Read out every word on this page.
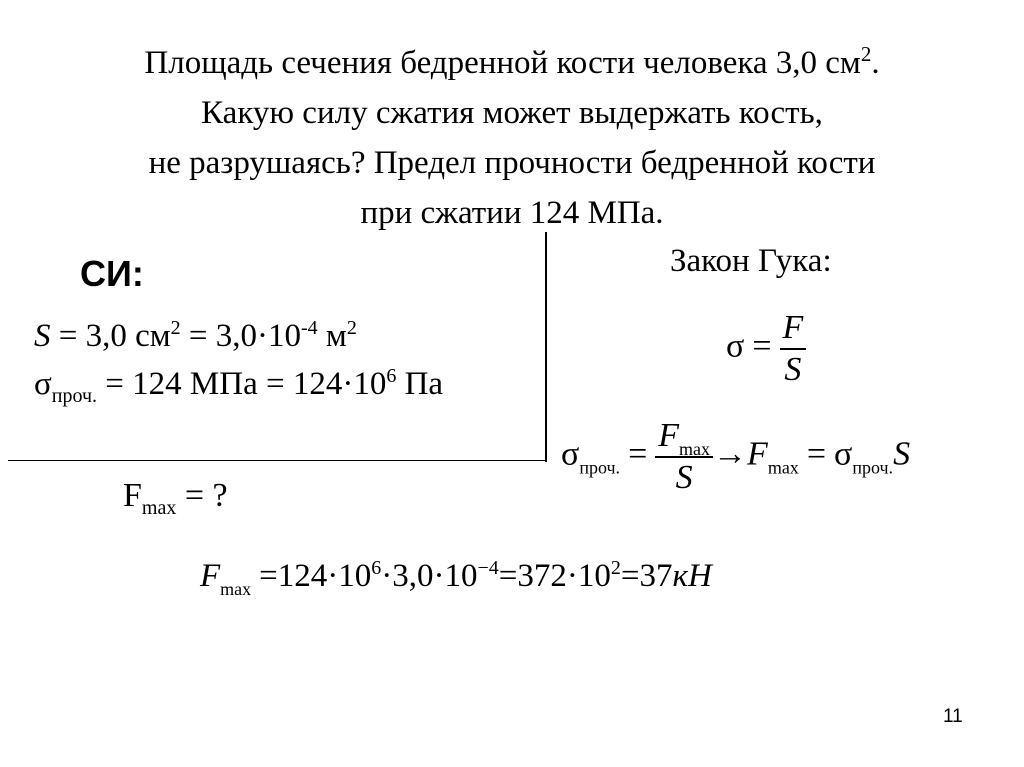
Площадь сечения бедренной кости человека 3,0 $см^2$.
Какую силу сжатия может выдержать кость,
не разрушаясь? Предел прочности бедренной кости
при сжатии 124 МПа.
СИ:
S = 3,0 $см^2 = 3,0\cdot 10^{-4}$ $м^2$
$\sigma_{проч.} = 124$ МПа = $124\cdot 10^6$ Па
Закон Гука:
$\sigma = \frac{F}{S}$
$\sigma_{проч.} = \frac{F_{max}}{S} \to F_{max} = \sigma_{проч.}S$
$F_{max}$ = ?
$F_{max} =124\cdot 10^6\cdot 3,0\cdot 10^{-4}=372\cdot 10^2=37кН$
11
